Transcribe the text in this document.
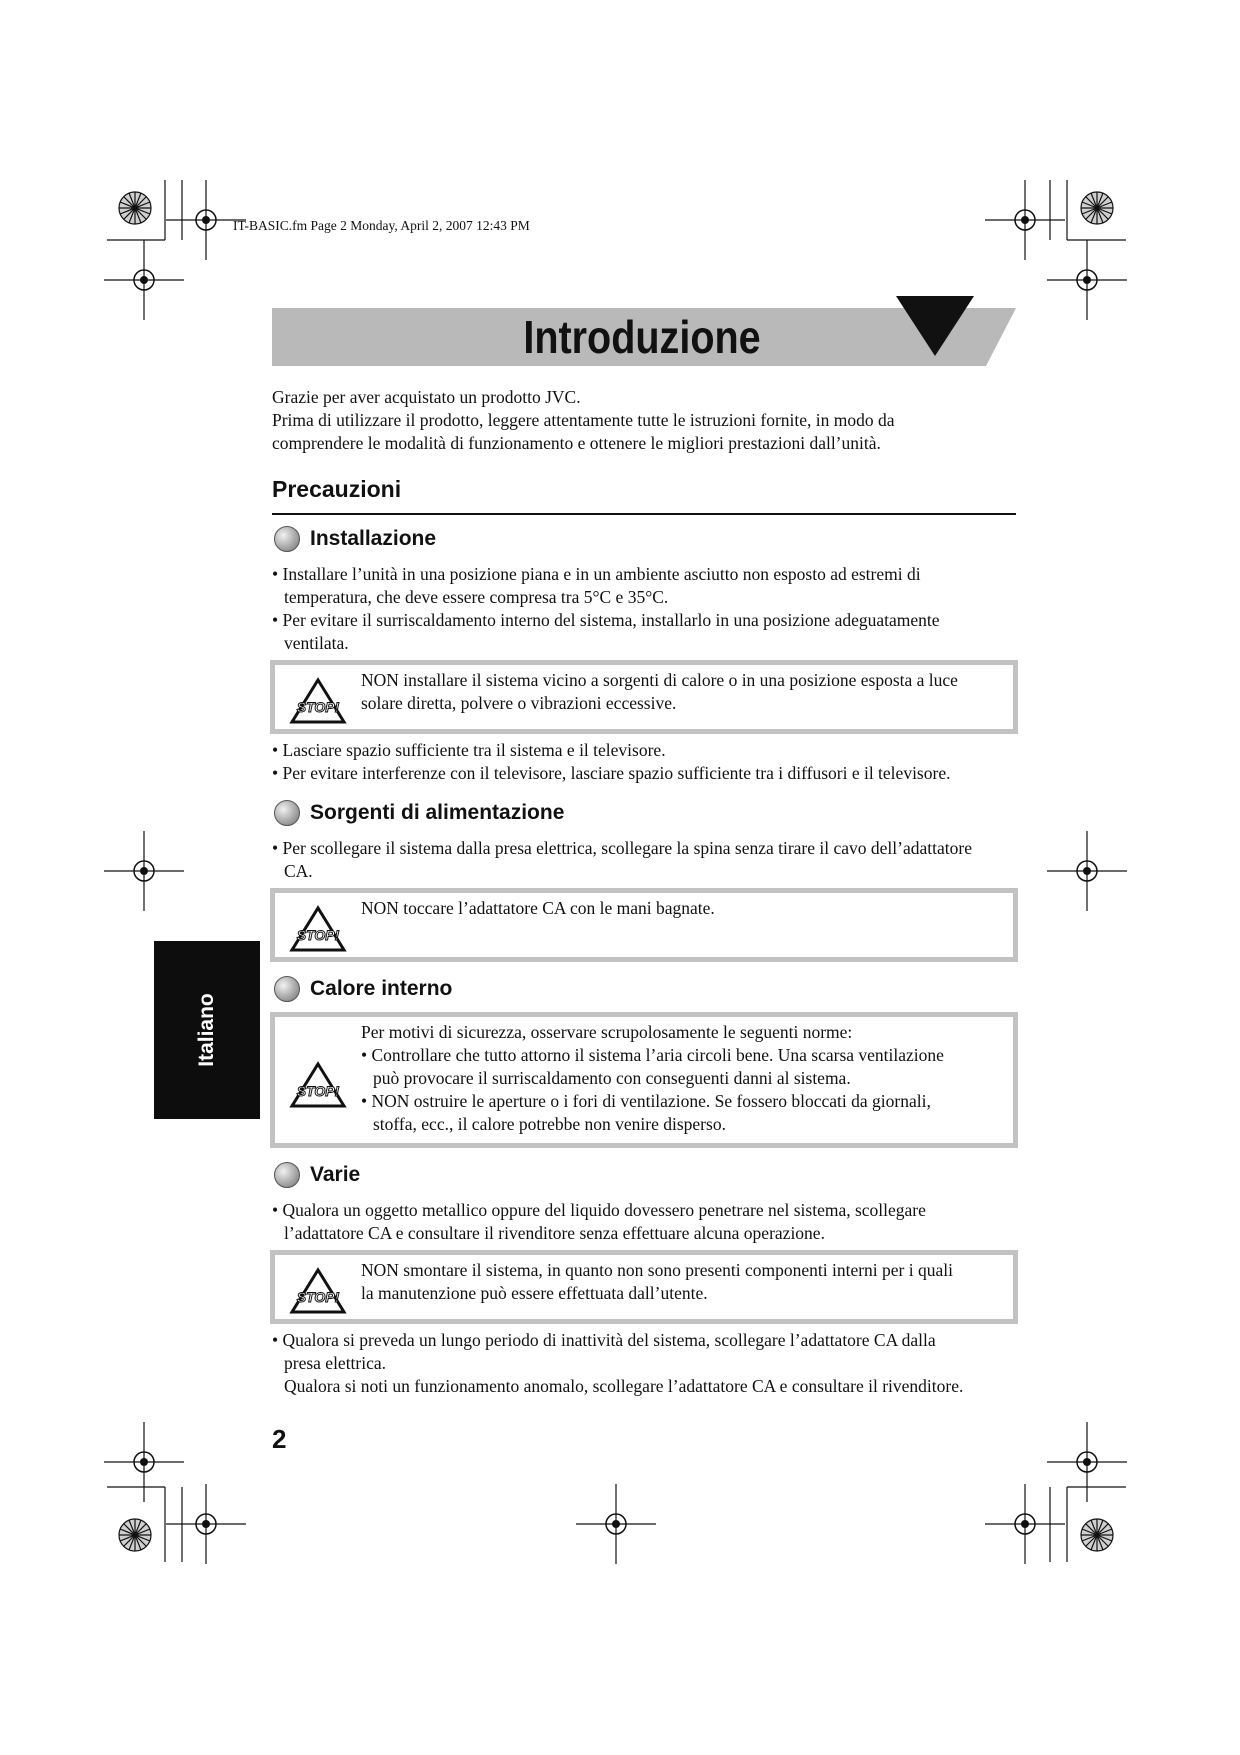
IT-BASIC.fm Page 2 Monday, April 2, 2007 12:43 PM
Introduzione
Grazie per aver acquistato un prodotto JVC.
Prima di utilizzare il prodotto, leggere attentamente tutte le istruzioni fornite, in modo da
comprendere le modalità di funzionamento e ottenere le migliori prestazioni dall’unità.
Precauzioni
Installazione
• Installare l’unità in una posizione piana e in un ambiente asciutto non esposto ad estremi di
temperatura, che deve essere compresa tra 5°C e 35°C.
• Per evitare il surriscaldamento interno del sistema, installarlo in una posizione adeguatamente
ventilata.
STOP!
NON installare il sistema vicino a sorgenti di calore o in una posizione esposta a luce
solare diretta, polvere o vibrazioni eccessive.
• Lasciare spazio sufficiente tra il sistema e il televisore.
• Per evitare interferenze con il televisore, lasciare spazio sufficiente tra i diffusori e il televisore.
Sorgenti di alimentazione
• Per scollegare il sistema dalla presa elettrica, scollegare la spina senza tirare il cavo dell’adattatore
CA.
STOP!
NON toccare l’adattatore CA con le mani bagnate.
Calore interno
STOP!
Per motivi di sicurezza, osservare scrupolosamente le seguenti norme:
• Controllare che tutto attorno il sistema l’aria circoli bene. Una scarsa ventilazione
può provocare il surriscaldamento con conseguenti danni al sistema.
• NON ostruire le aperture o i fori di ventilazione. Se fossero bloccati da giornali,
stoffa, ecc., il calore potrebbe non venire disperso.
Varie
• Qualora un oggetto metallico oppure del liquido dovessero penetrare nel sistema, scollegare
l’adattatore CA e consultare il rivenditore senza effettuare alcuna operazione.
STOP!
NON smontare il sistema, in quanto non sono presenti componenti interni per i quali
la manutenzione può essere effettuata dall’utente.
• Qualora si preveda un lungo periodo di inattività del sistema, scollegare l’adattatore CA dalla
presa elettrica.
Qualora si noti un funzionamento anomalo, scollegare l’adattatore CA e consultare il rivenditore.
Italiano
2
